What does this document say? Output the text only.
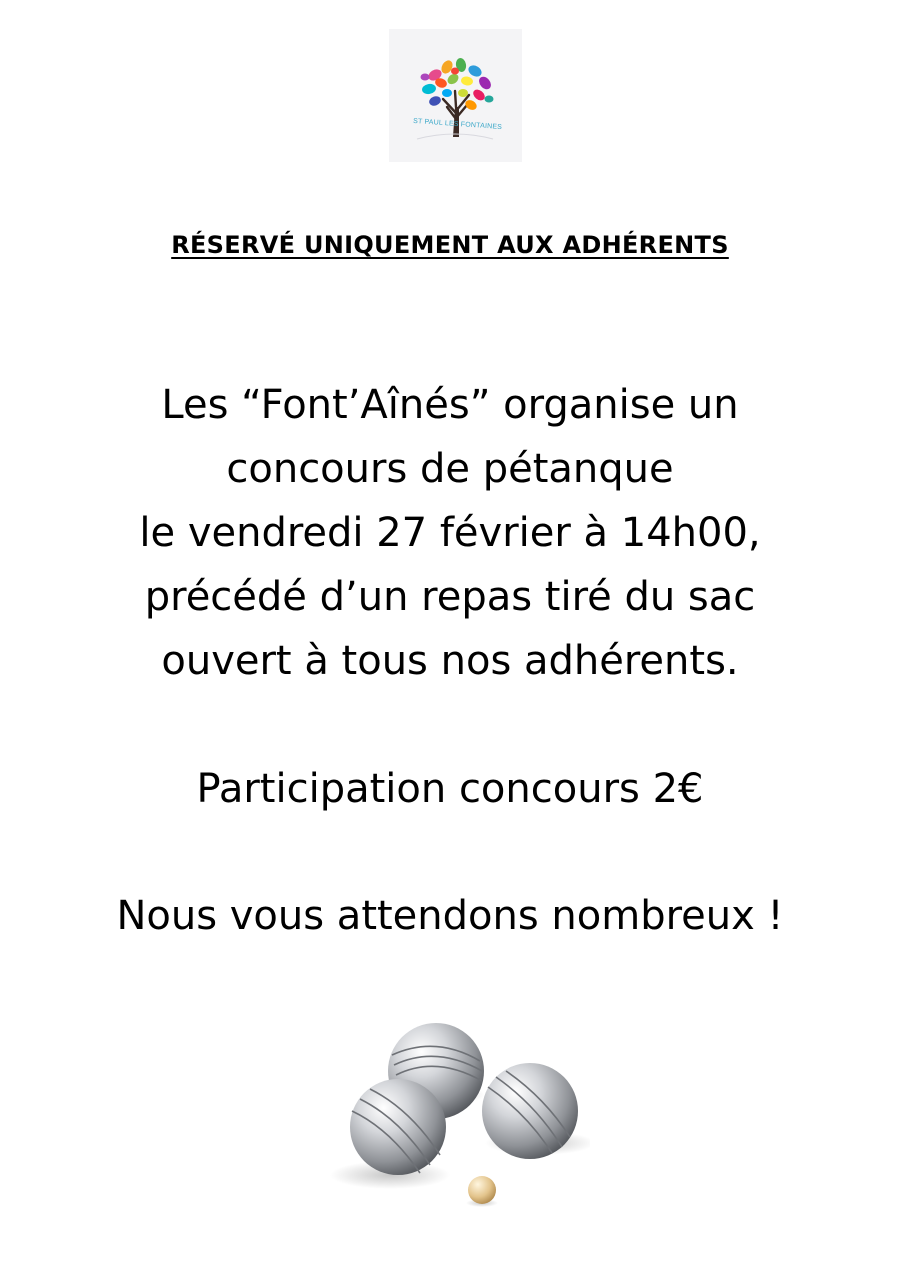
ST PAUL LES FONTAINES
RÉSERVÉ UNIQUEMENT AUX ADHÉRENTS
Les “Font’Aînés” organise un
concours de pétanque
le vendredi 27 février à 14h00,
précédé d’un repas tiré du sac
ouvert à tous nos adhérents.
Participation concours 2€
Nous vous attendons nombreux !
